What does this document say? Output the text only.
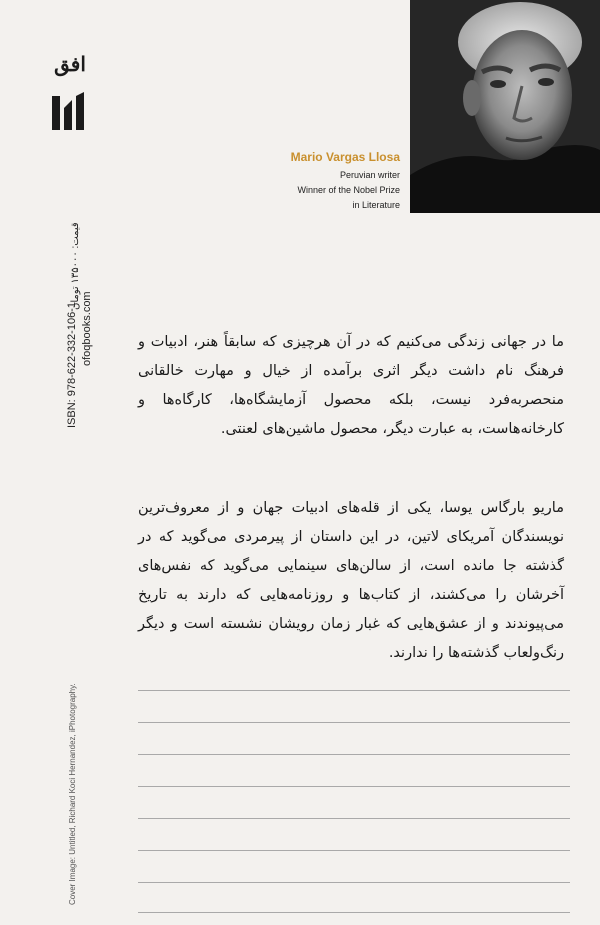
افق
Mario Vargas Llosa
Peruvian writer
Winner of the Nobel Prize
in Literature
ofoqbooks.com
ISBN: 978-622-332-106-1
قیمت: ۱۳۵۰۰۰ تومان
Cover Image: Untitled, Richard Koci Hernandez, iPhotography.

ما در جهانی زندگی می‌کنیم که در آن هرچیزی که سابقاً هنر، ادبیات و فرهنگ نام داشت دیگر اثری برآمده از خیال و مهارت خالقانی منحصربه‌فرد نیست، بلکه محصول آزمایشگاه‌ها، کارگاه‌ها و کارخانه‌هاست، به عبارت دیگر، محصول ماشین‌های لعنتی.

ماریو بارگاس یوسا، یکی از قله‌های ادبیات جهان و از معروف‌ترین نویسندگان آمریکای لاتین، در این داستان از پیرمردی می‌گوید که در گذشته جا مانده است، از سالن‌های سینمایی می‌گوید که نفس‌های آخرشان را می‌کشند، از کتاب‌ها و روزنامه‌هایی که دارند به تاریخ می‌پیوندند و از عشق‌هایی که غبار زمان رویشان نشسته است و دیگر رنگ‌ولعاب گذشته‌ها را ندارند.
